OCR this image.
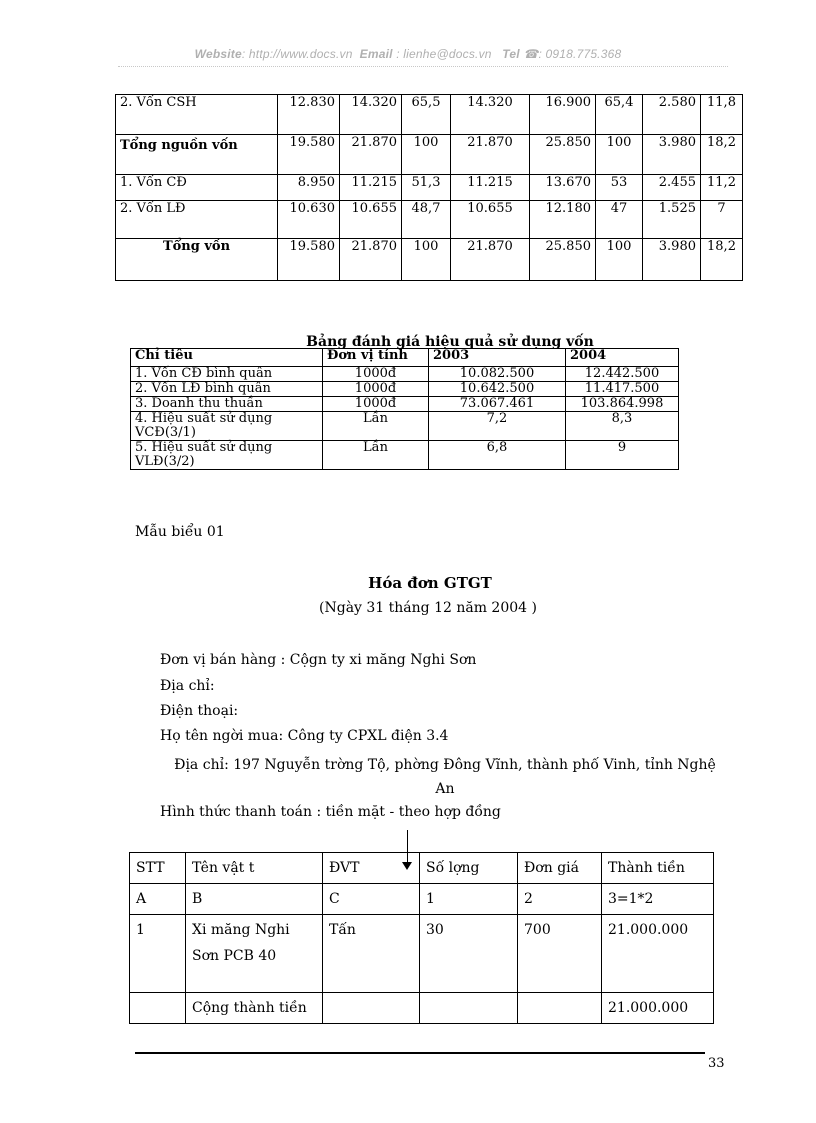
Website: http://www.docs.vn Email : lienhe@docs.vn Tel ☎: 0918.775.368
2. Vốn CSH	12.830	14.320	65,5	14.320	16.900	65,4	2.580	11,8
Tổng nguồn vốn	19.580	21.870	100	21.870	25.850	100	3.980	18,2
1. Vốn CĐ	8.950	11.215	51,3	11.215	13.670	53	2.455	11,2
2. Vốn LĐ	10.630	10.655	48,7	10.655	12.180	47	1.525	7
Tổng vốn	19.580	21.870	100	21.870	25.850	100	3.980	18,2
Bảng đánh giá hiệu quả sử dụng vốn
Chỉ tiêu	Đơn vị tính	2003	2004
1. Vốn CĐ bình quân	1000đ	10.082.500	12.442.500
2. Vốn LĐ bình quân	1000đ	10.642.500	11.417.500
3. Doanh thu thuần	1000đ	73.067.461	103.864.998
4. Hiệu suất sử dụng VCĐ(3/1)	Lần	7,2	8,3
5. Hiệu suất sử dụng VLĐ(3/2)	Lần	6,8	9
Mẫu biểu 01
Hóa đơn GTGT
(Ngày 31 tháng 12 năm 2004 )
Đơn vị bán hàng : Cộgn ty xi măng Nghi Sơn
Địa chỉ:
Điện thoại:
Họ tên ngời mua: Công ty CPXL điện 3.4
Địa chỉ: 197 Nguyễn trờng Tộ, phờng Đông Vĩnh, thành phố Vinh, tỉnh Nghệ An
Hình thức thanh toán : tiền mặt - theo hợp đồng
STT	Tên vật t	ĐVT	Số lợng	Đơn giá	Thành tiền
A	B	C	1	2	3=1*2
1	Xi măng Nghi Sơn PCB 40	Tấn	30	700	21.000.000
	Cộng thành tiền				21.000.000
33
